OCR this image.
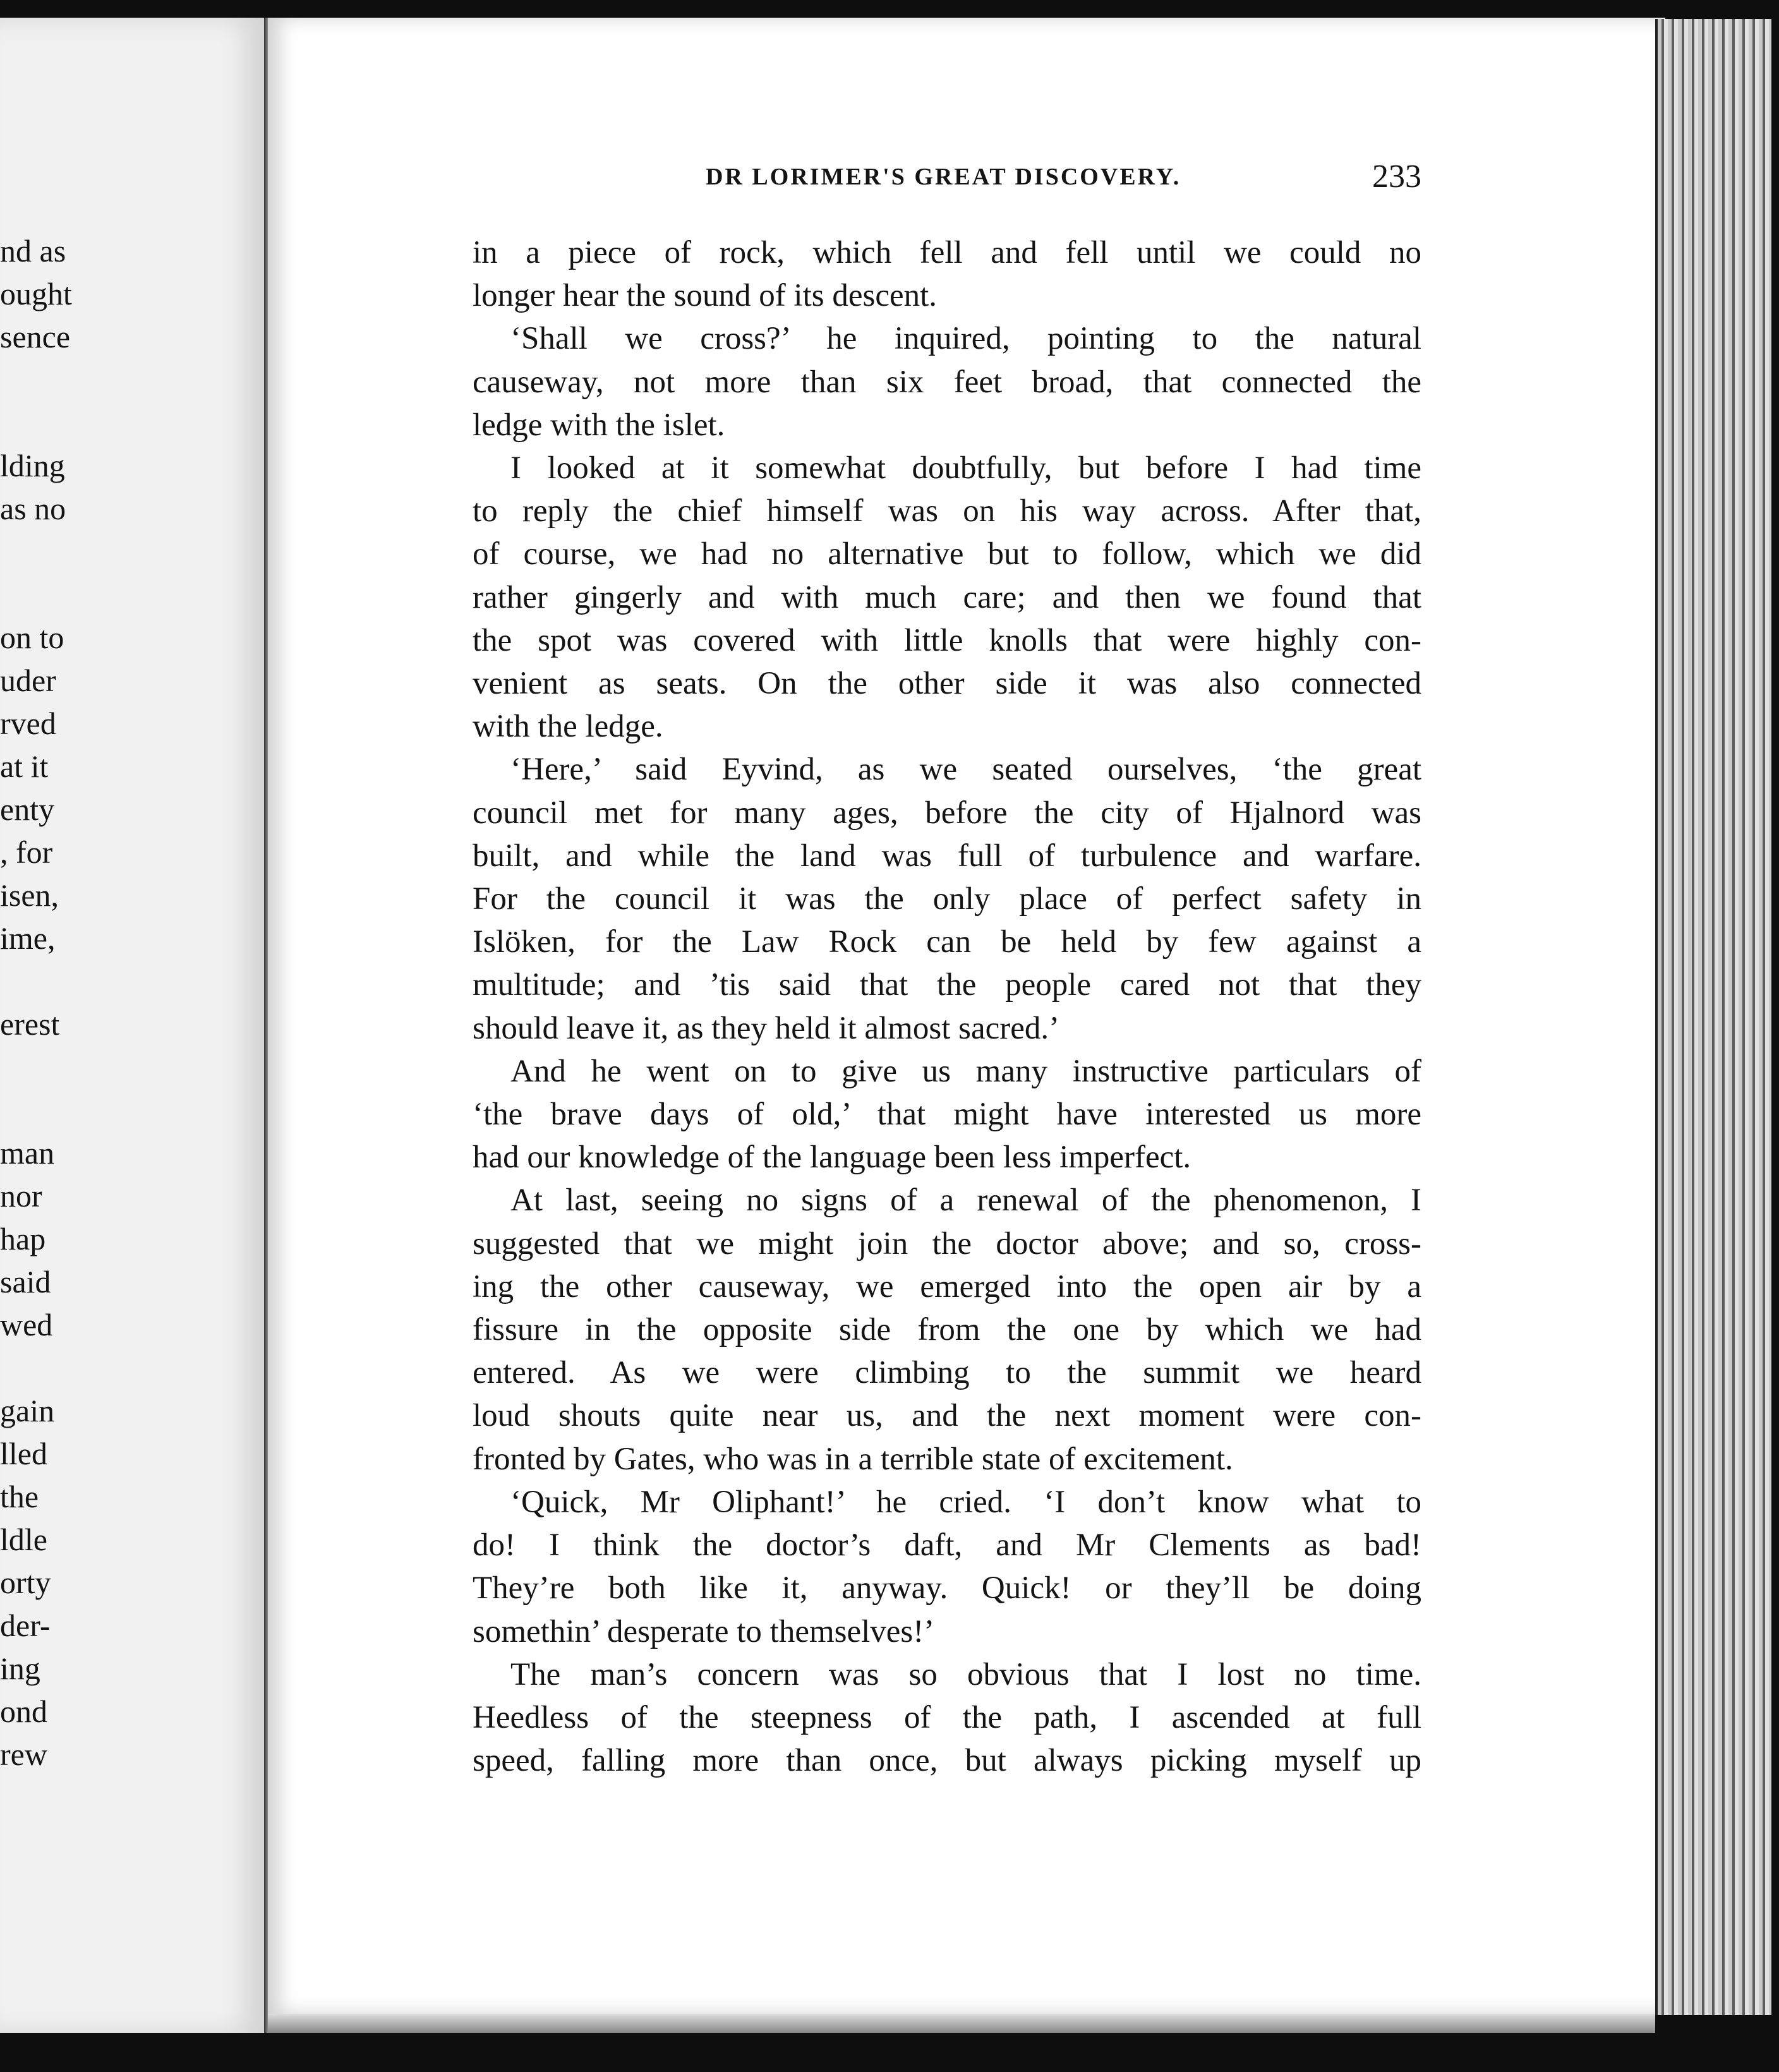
nd as
ought
sence
lding
as no
on to
uder
rved
at it
enty
, for
isen,
ime,
erest
man
nor
hap
said
wed
gain
lled
the
ldle
orty
der-
ing
ond
rew
DR LORIMER'S GREAT DISCOVERY.	233

in a piece of rock, which fell and fell until we could no

longer hear the sound of its descent.

‘Shall we cross?’ he inquired, pointing to the natural

causeway, not more than six feet broad, that connected the

ledge with the islet.

I looked at it somewhat doubtfully, but before I had time

to reply the chief himself was on his way across. After that,

of course, we had no alternative but to follow, which we did

rather gingerly and with much care; and then we found that

the spot was covered with little knolls that were highly con-

venient as seats. On the other side it was also connected

with the ledge.

‘Here,’ said Eyvind, as we seated ourselves, ‘the great

council met for many ages, before the city of Hjalnord was

built, and while the land was full of turbulence and warfare.

For the council it was the only place of perfect safety in

Islöken, for the Law Rock can be held by few against a

multitude; and ’tis said that the people cared not that they

should leave it, as they held it almost sacred.’

And he went on to give us many instructive particulars of

‘the brave days of old,’ that might have interested us more

had our knowledge of the language been less imperfect.

At last, seeing no signs of a renewal of the phenomenon, I

suggested that we might join the doctor above; and so, cross-

ing the other causeway, we emerged into the open air by a

fissure in the opposite side from the one by which we had

entered. As we were climbing to the summit we heard

loud shouts quite near us, and the next moment were con-

fronted by Gates, who was in a terrible state of excitement.

‘Quick, Mr Oliphant!’ he cried. ‘I don’t know what to

do! I think the doctor’s daft, and Mr Clements as bad!

They’re both like it, anyway. Quick! or they’ll be doing

somethin’ desperate to themselves!’

The man’s concern was so obvious that I lost no time.

Heedless of the steepness of the path, I ascended at full

speed, falling more than once, but always picking myself up
